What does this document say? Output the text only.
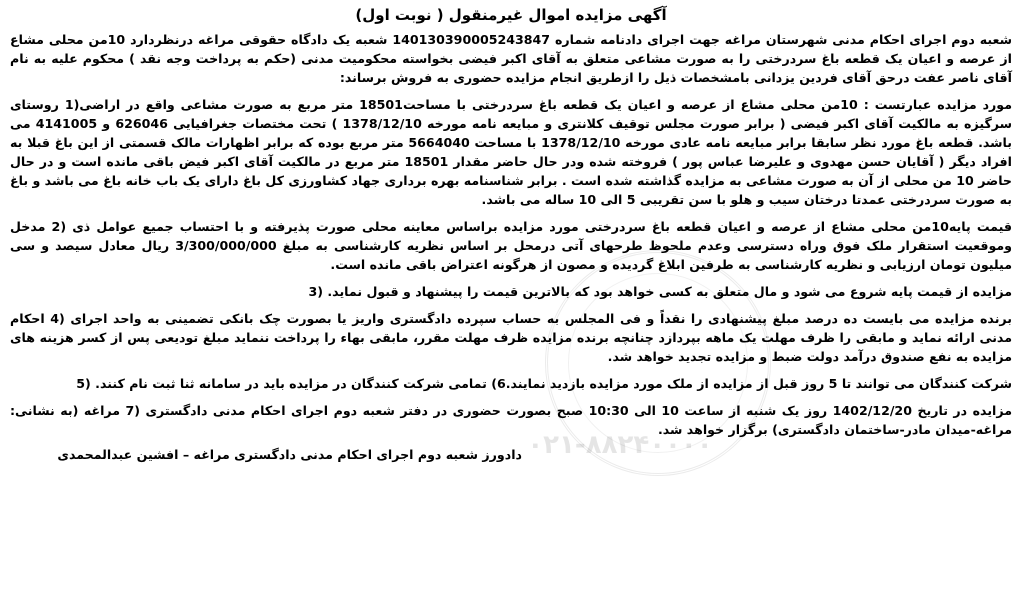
۰۲۱-۸۸۲۴۰۰۰۰
آگهی مزایده اموال غیرمنقول ( نوبت اول)

شعبه دوم اجرای احکام مدنی شهرستان مراغه جهت اجرای دادنامه شماره 140130390005243847 شعبه یک دادگاه حقوقی مراغه درنظردارد 10من محلی مشاع از عرصه و اعیان یک قطعه باغ سردرختی را به صورت مشاعی متعلق به آقای اکبر فیضی بخواسته محکومیت مدنی (حکم به پرداخت وجه نقد ) محکوم علیه به نام آقای ناصر عفت درحق آقای فردین یزدانی بامشخصات ذیل را ازطریق انجام مزایده حضوری به فروش برساند:

مورد مزایده عبارتست : 10من محلی مشاع از عرصه و اعیان یک قطعه باغ سردرختی با مساحت18501 متر مربع به صورت مشاعی واقع در اراضی(1 روستای سرگیزه به مالکیت آقای اکبر فیضی ( برابر صورت مجلس توقیف کلانتری و مبایعه نامه مورخه 1378/12/10 ) تحت مختصات جغرافیایی 626046 و 4141005 می باشد. قطعه باغ مورد نظر سابقا برابر مبایعه نامه عادی مورخه 1378/12/10 با مساحت 5664040 متر مربع بوده که برابر اظهارات مالک قسمتی از این باغ قبلا به افراد دیگر ( آقایان حسن مهدوی و علیرضا عباس پور ) فروخته شده ودر حال حاضر مقدار 18501 متر مربع در مالکیت آقای اکبر فیض باقی مانده است و در حال حاضر 10 من محلی از آن به صورت مشاعی به مزایده گذاشته شده است . برابر شناسنامه بهره برداری جهاد کشاورزی کل باغ دارای یک باب خانه باغ می باشد و باغ به صورت سردرختی عمدتا درختان سیب و هلو با سن تقریبی 5 الی 10 ساله می باشد.

قیمت پایه10من محلی مشاع از عرصه و اعیان قطعه باغ سردرختی مورد مزایده براساس معاینه محلی صورت پذیرفته و با احتساب جمیع عوامل ذی (2 مدخل وموقعیت استقرار ملک فوق وراه دسترسی وعدم ملحوظ طرحهای آتی درمحل بر اساس نظریه کارشناسی به مبلغ 3/300/000/000 ریال معادل سیصد و سی میلیون تومان ارزیابی و نظریه کارشناسی به طرفین ابلاغ گردیده و مصون از هرگونه اعتراض باقی مانده است.

مزایده از قیمت پایه شروع می شود و مال متعلق به کسی خواهد بود که بالاترین قیمت را پیشنهاد و قبول نماید. (3

برنده مزایده می بایست ده درصد مبلغ پیشنهادی را نقداً و فی المجلس به حساب سپرده دادگستری واریز یا بصورت چک بانکی تضمینی به واحد اجرای (4 احکام مدنی ارائه نماید و مابقی را ظرف مهلت یک ماهه بپردازد چنانچه برنده مزایده ظرف مهلت مقرر، مابقی بهاء را پرداخت ننماید مبلغ تودیعی پس از کسر هزینه های مزایده به نفع صندوق درآمد دولت ضبط و مزایده تجدید خواهد شد.

شرکت کنندگان می توانند تا 5 روز قبل از مزایده از ملک مورد مزایده بازدید نمایند.6) تمامی شرکت کنندگان در مزایده باید در سامانه ثنا ثبت نام کنند. (5

مزایده در تاریخ 1402/12/20 روز یک شنبه از ساعت 10 الی 10:30 صبح بصورت حضوری در دفتر شعبه دوم اجرای احکام مدنی دادگستری (7 مراغه (به نشانی: مراغه-میدان مادر-ساختمان دادگستری) برگزار خواهد شد.

دادورز شعبه دوم اجرای احکام مدنی دادگستری مراغه – افشین عبدالمحمدی
